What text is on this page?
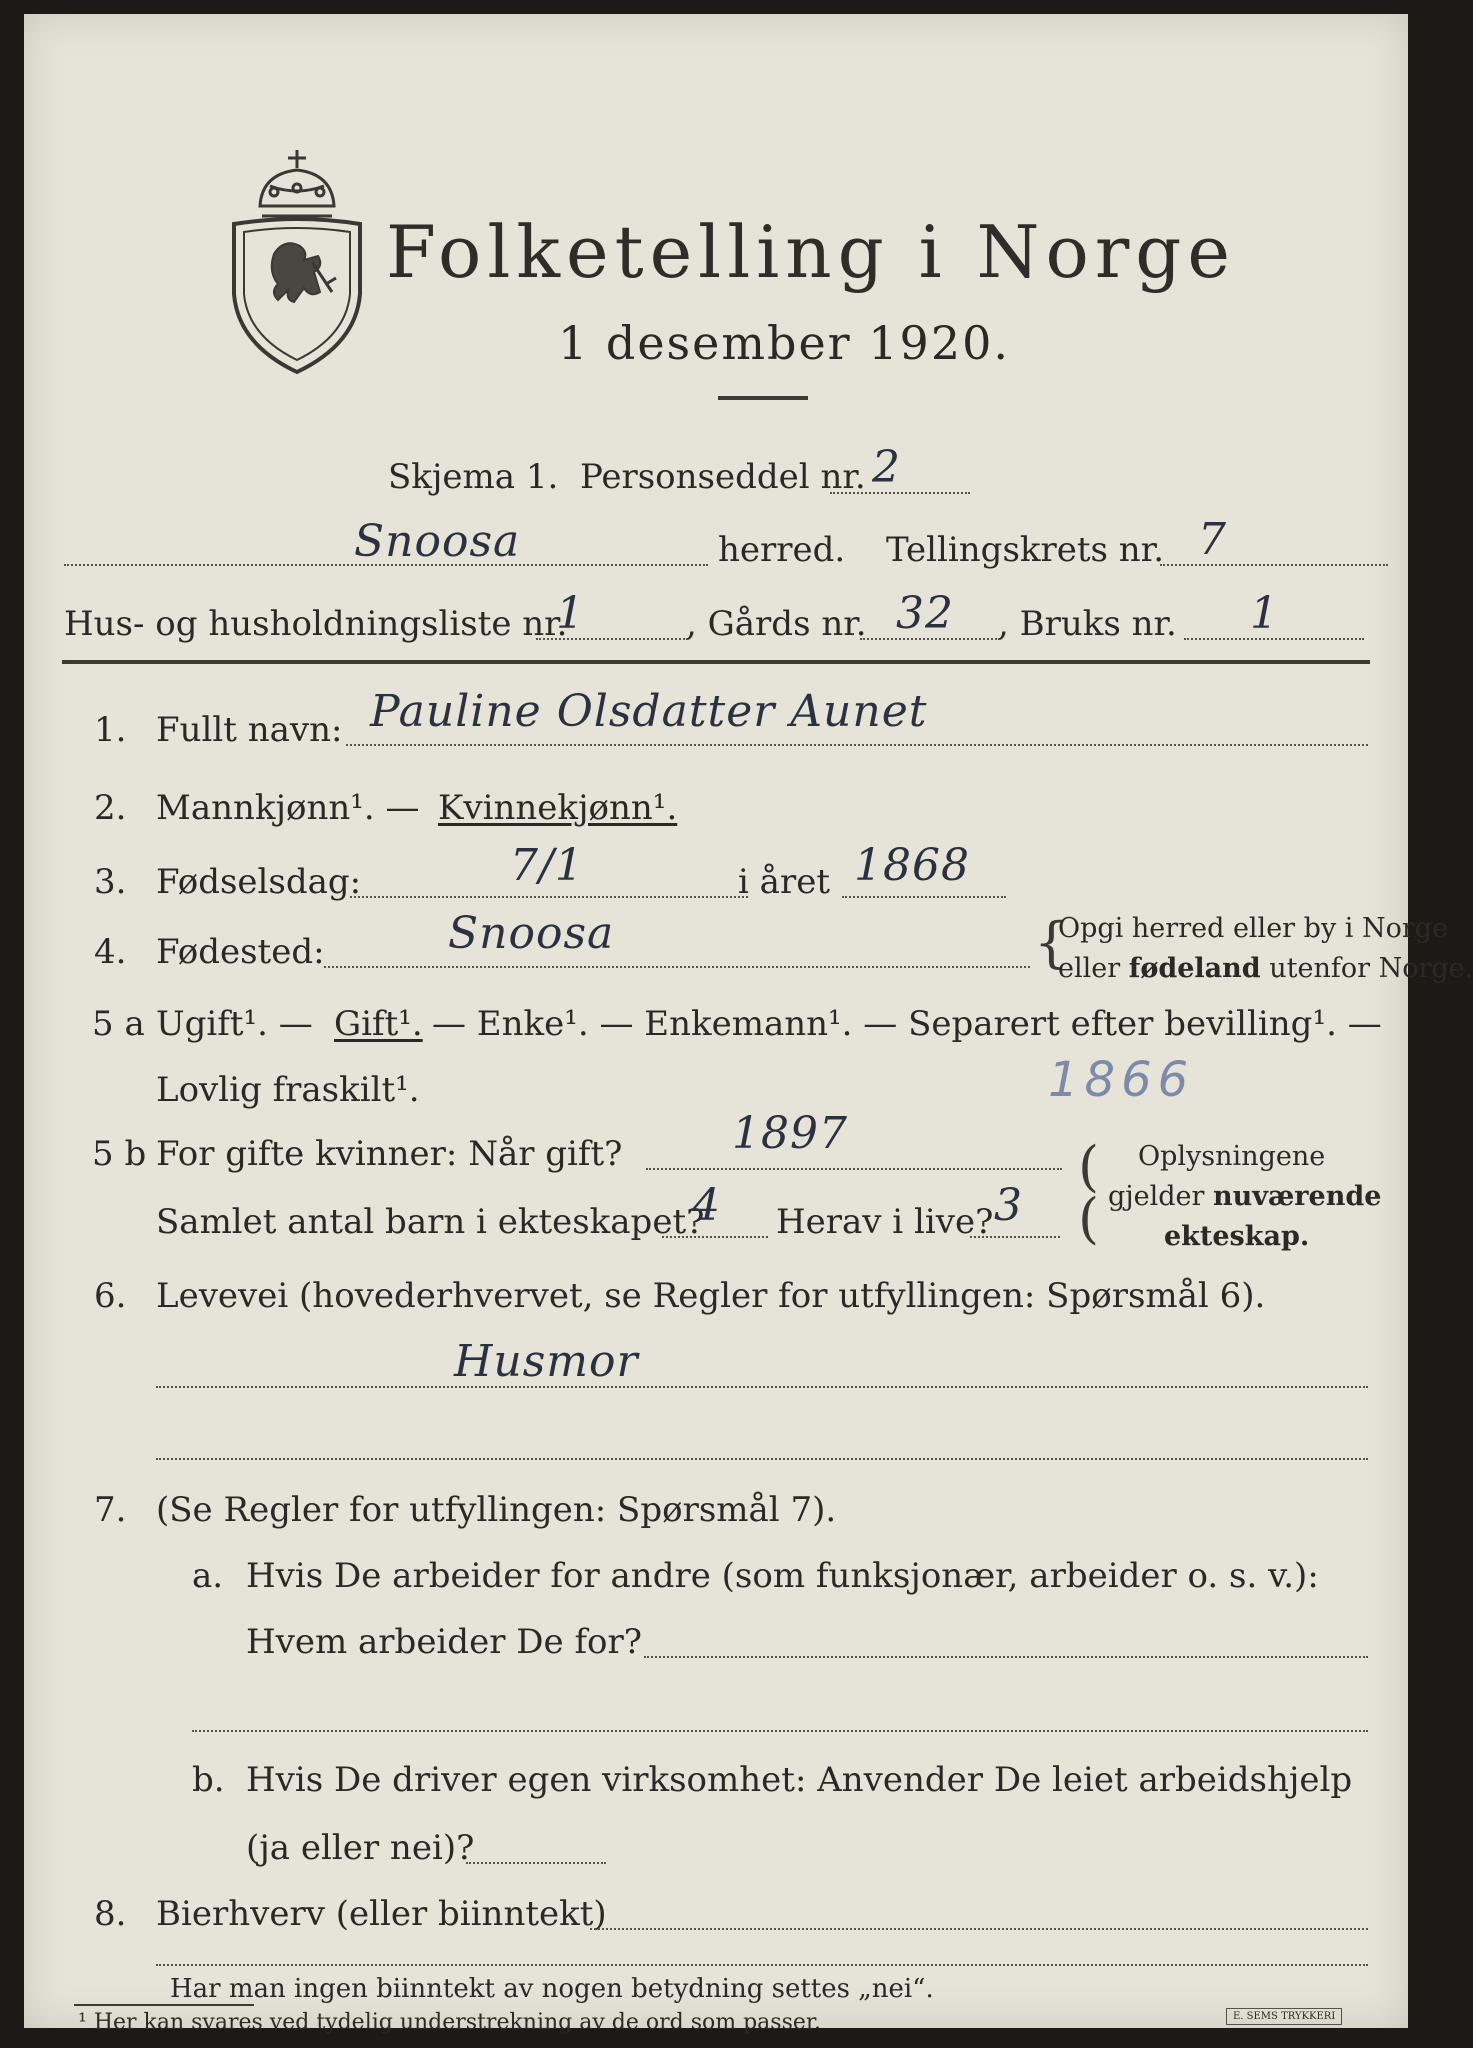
Folketelling i Norge
1 desember 1920.
Skjema 1. Personseddel nr. 2
Snoosa	herred. Tellingskrets nr. 7
Hus- og husholdningsliste nr.
1	, Gårds nr. 32 , Bruks nr. 1
1. Fullt navn: Pauline Olsdatter Aunet
2. Mannkjønn¹. — Kvinnekjønn¹.
3. Fødselsdag:	7/1	i året 1868
4. Fødested:	Snoosa	{
Opgi herred eller by i Norge
eller fødeland utenfor Norge.
5 a Ugift¹. — Gift¹. — Enke¹. — Enkemann¹. — Separert efter bevilling¹. —
Lovlig fraskilt¹.	1866
5 b For gifte kvinner: Når gift? 1897
Samlet antal barn i ekteskapet?
4 Herav i live? 3
(
(
Oplysningene
gjelder nuværende
ekteskap.
6. Levevei (hovederhvervet, se Regler for utfyllingen: Spørsmål 6).
Husmor
7. (Se Regler for utfyllingen: Spørsmål 7).
a. Hvis De arbeider for andre (som funksjonær, arbeider o. s. v.):
Hvem arbeider De for?
b. Hvis De driver egen virksomhet: Anvender De leiet arbeidshjelp
(ja eller nei)?
8. Bierhverv (eller biinntekt)
Har man ingen biinntekt av nogen betydning settes „nei“.
¹ Her kan svares ved tydelig understrekning av de ord som passer.	E. SEMS TRYKKERI
